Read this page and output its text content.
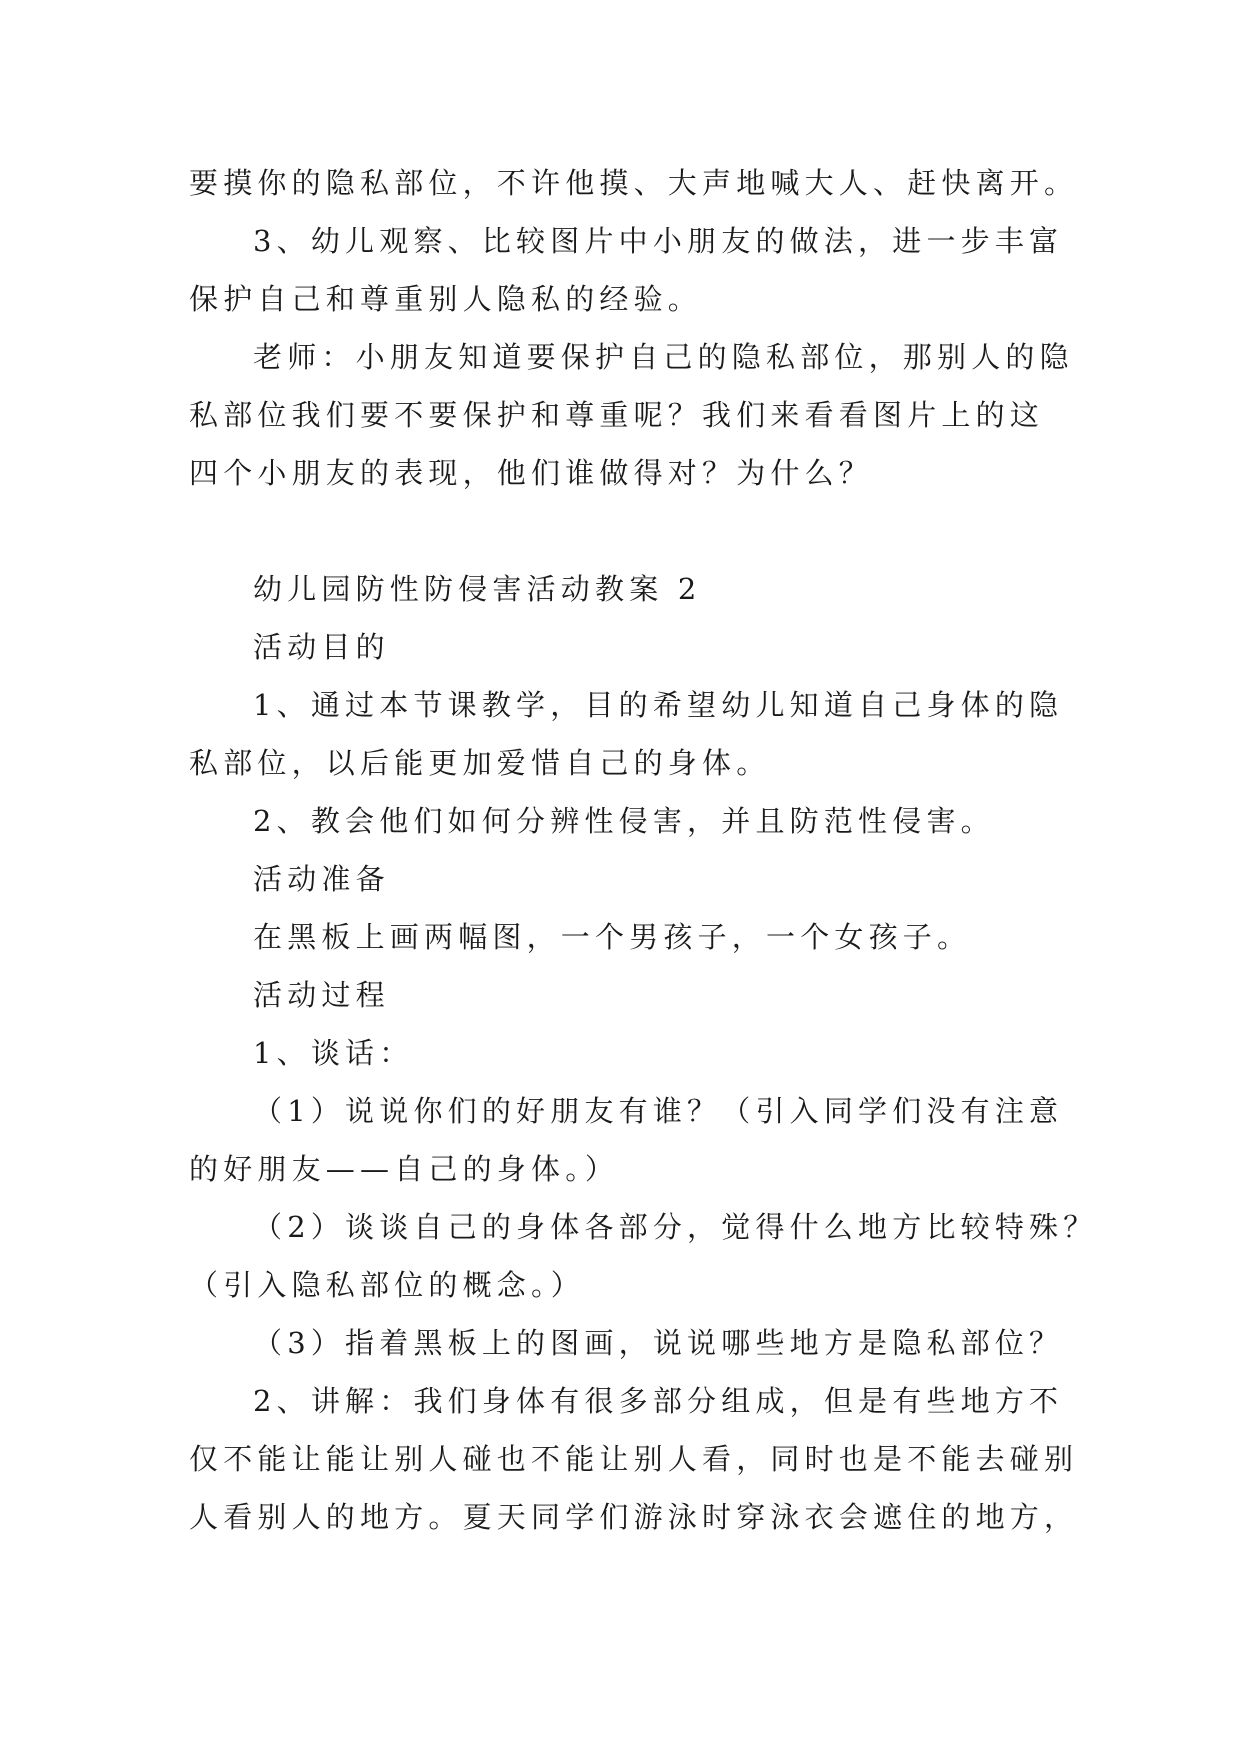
要摸你的隐私部位，不许他摸、大声地喊大人、赶快离开。
3、幼儿观察、比较图片中小朋友的做法，进一步丰富
保护自己和尊重别人隐私的经验。
老师：小朋友知道要保护自己的隐私部位，那别人的隐
私部位我们要不要保护和尊重呢？我们来看看图片上的这
四个小朋友的表现，他们谁做得对？为什么？
幼儿园防性防侵害活动教案 2
活动目的
1、通过本节课教学，目的希望幼儿知道自己身体的隐
私部位，以后能更加爱惜自己的身体。
2、教会他们如何分辨性侵害，并且防范性侵害。
活动准备
在黑板上画两幅图，一个男孩子，一个女孩子。
活动过程
1、谈话：
（1）说说你们的好朋友有谁？（引入同学们没有注意
的好朋友——自己的身体。）
（2）谈谈自己的身体各部分，觉得什么地方比较特殊？
（引入隐私部位的概念。）
（3）指着黑板上的图画，说说哪些地方是隐私部位？
2、讲解：我们身体有很多部分组成，但是有些地方不
仅不能让能让别人碰也不能让别人看，同时也是不能去碰别
人看别人的地方。夏天同学们游泳时穿泳衣会遮住的地方，
